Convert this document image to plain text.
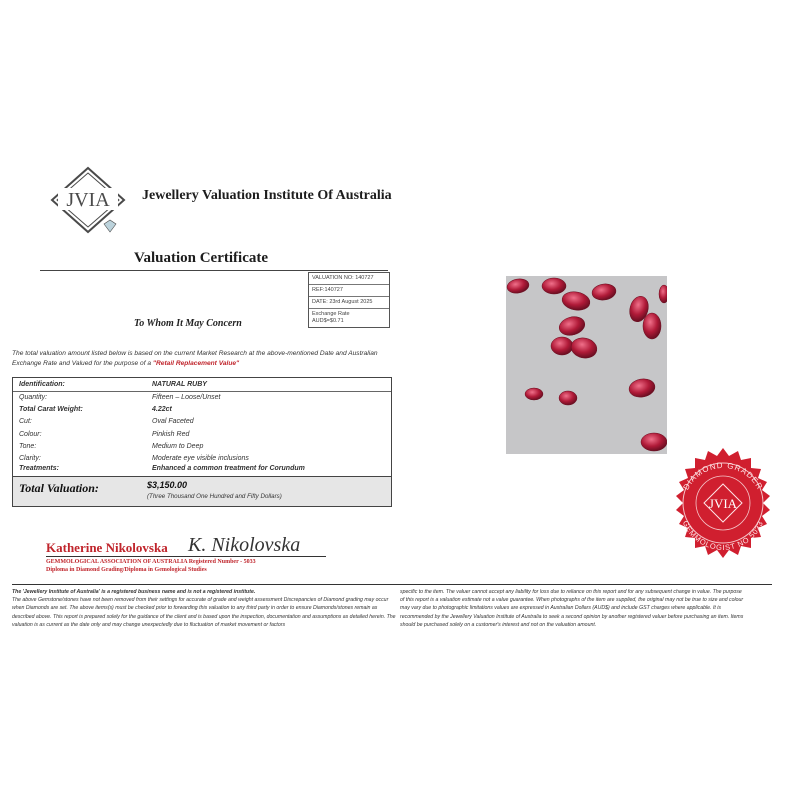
JVIA Jewellery Valuation Institute Of Australia
Valuation Certificate
VALUATION NO: 140727
REF:140727
DATE: 23rd August 2025
Exchange Rate
AUD$=$0.71
To Whom It May Concern
The total valuation amount listed below is based on the current Market Research at the above-mentioned Date and Australian Exchange Rate and Valued for the purpose of a "Retail Replacement Value"
Identification:	NATURAL RUBY
Quantity:	Fifteen – Loose/Unset
Total Carat Weight:	4.22ct
Cut:	Oval Faceted
Colour:	Pinkish Red
Tone:	Medium to Deep
Clarity:	Moderate eye visible inclusions
Treatments:	Enhanced a common treatment for Corundum
Total Valuation:	$3,150.00
(Three Thousand One Hundred and Fifty Dollars)
DIAMOND GRADER
GEMMOLOGIST NO 5033
JVIA
Katherine Nikolovska K. Nikolovska
GEMMOLOGICAL ASSOCIATION OF AUSTRALIA Registered Number - 5033
Diploma in Diamond Grading/Diploma in Gemological Studies
The 'Jewellery Institute of Australia' is a registered business name and is not a registered institute.
The above Gemstone/stones have not been removed from their settings for accurate of grade and weight assessment Discrepancies of Diamond grading may occur when Diamonds are set. The above items(s) must be checked prior to forwarding this valuation to any third party in order to ensure Diamonds/stones remain as described above. This report is prepared solely for the guidance of the client and is based upon the inspection, documentation and assumptions as detailed herein. The valuation is as current as the date only and may change unexpectedly due to fluctuation of market movement or factors
specific to the item. The valuer cannot accept any liability for loss due to reliance on this report and for any subsequent change in value. The purpose of this report is a valuation estimate not a value guarantee. When photographs of the item are supplied, the original may not be true to size and colour may vary due to photographic limitations values are expressed in Australian Dollars (AUD$) and include GST charges where applicable. It is recommended by the Jewellery Valuation Institute of Australia to seek a second opinion by another registered valuer before purchasing an item. Items should be purchased solely on a customer's interest and not on the valuation amount.
